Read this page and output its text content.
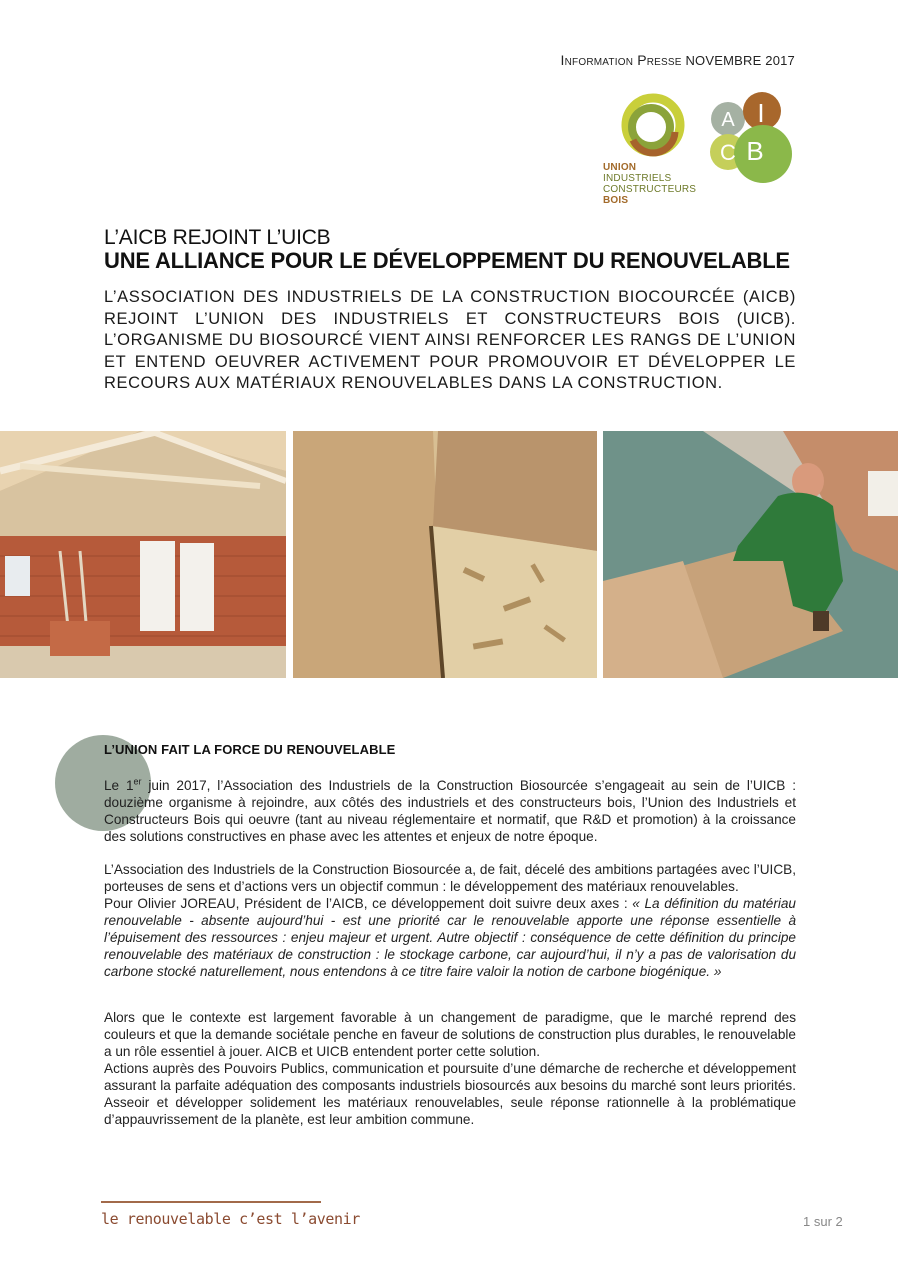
Information Presse NOVEMBRE 2017
UNION INDUSTRIELS
CONSTRUCTEURS BOIS
A I
C B
L’AICB REJOINT L’UICB
UNE ALLIANCE POUR LE DÉVELOPPEMENT DU RENOUVELABLE
L’ASSOCIATION DES INDUSTRIELS DE LA CONSTRUCTION BIOCOURCÉE (AICB) REJOINT L’UNION DES INDUSTRIELS ET CONSTRUCTEURS BOIS (UICB). L’ORGANISME DU BIOSOURCÉ VIENT AINSI RENFORCER LES RANGS DE L’UNION ET ENTEND OEUVRER ACTIVEMENT POUR PROMOUVOIR ET DÉVELOPPER LE RECOURS AUX MATÉRIAUX RENOUVELABLES DANS LA CONSTRUCTION.
L’UNION FAIT LA FORCE DU RENOUVELABLE

Le 1er juin 2017, l’Association des Industriels de la Construction Biosourcée s’engageait au sein de l’UICB : douzième organisme à rejoindre, aux côtés des industriels et des constructeurs bois, l’Union des Industriels et Constructeurs Bois qui oeuvre (tant au niveau réglementaire et normatif, que R&D et promotion) à la croissance des solutions constructives en phase avec les attentes et enjeux de notre époque.

L’Association des Industriels de la Construction Biosourcée a, de fait, décelé des ambitions partagées avec l’UICB, porteuses de sens et d’actions vers un objectif commun : le développement des matériaux renouvelables.

Pour Olivier JOREAU, Président de l’AICB, ce développement doit suivre deux axes : « La définition du matériau renouvelable - absente aujourd’hui - est une priorité car le renouvelable apporte une réponse essentielle à l’épuisement des ressources : enjeu majeur et urgent. Autre objectif : conséquence de cette définition du principe renouvelable des matériaux de construction : le stockage carbone, car aujourd’hui, il n’y a pas de valorisation du carbone stocké naturellement, nous entendons à ce titre faire valoir la notion de carbone biogénique. »

Alors que le contexte est largement favorable à un changement de paradigme, que le marché reprend des couleurs et que la demande sociétale penche en faveur de solutions de construction plus durables, le renouvelable a un rôle essentiel à jouer. AICB et UICB entendent porter cette solution.

Actions auprès des Pouvoirs Publics, communication et poursuite d’une démarche de recherche et développement assurant la parfaite adéquation des composants industriels biosourcés aux besoins du marché sont leurs priorités. Asseoir et développer solidement les matériaux renouvelables, seule réponse rationnelle à la problématique d’appauvrissement de la planète, est leur ambition commune.

le renouvelable c’est l’avenir	1 sur 2
